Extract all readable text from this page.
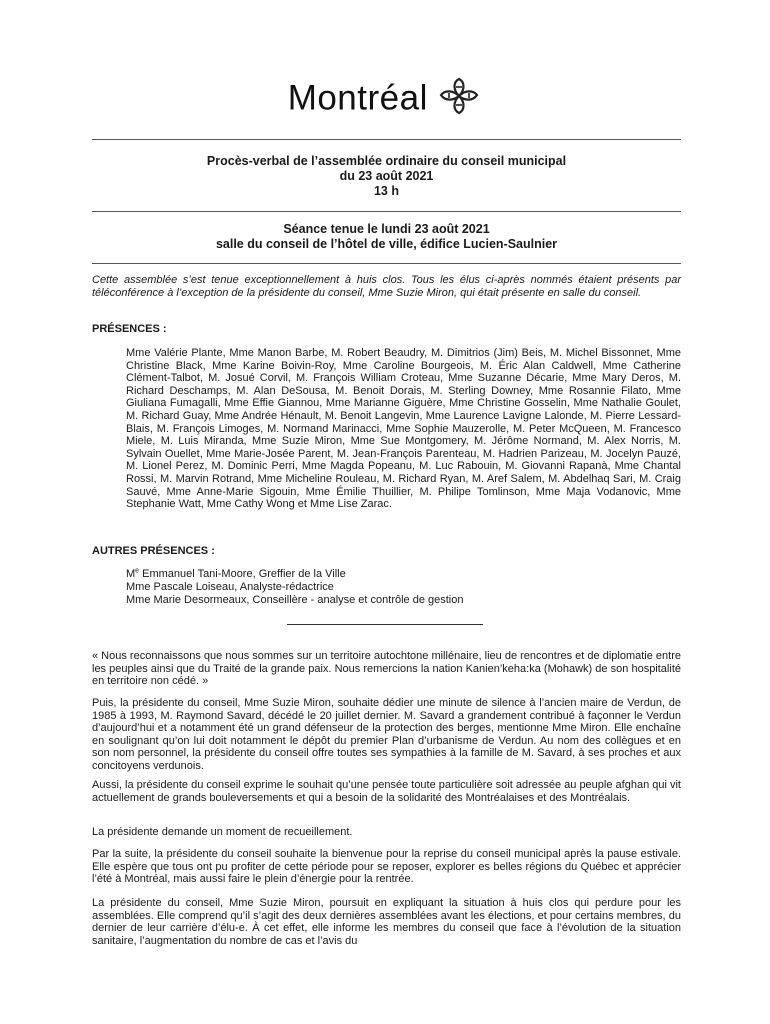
Montréal
Procès-verbal de l’assemblée ordinaire du conseil municipal
du 23 août 2021
13 h
Séance tenue le lundi 23 août 2021
salle du conseil de l’hôtel de ville, édifice Lucien-Saulnier

Cette assemblée s’est tenue exceptionnellement à huis clos. Tous les élus ci-après nommés étaient présents par téléconférence à l’exception de la présidente du conseil, Mme Suzie Miron, qui était présente en salle du conseil.

PRÉSENCES :
Mme Valérie Plante, Mme Manon Barbe, M. Robert Beaudry, M. Dimitrios (Jim) Beis, M. Michel Bissonnet, Mme Christine Black, Mme Karine Boivin-Roy, Mme Caroline Bourgeois, M. Éric Alan Caldwell, Mme Catherine Clément-Talbot, M. Josué Corvil, M. François William Croteau, Mme Suzanne Décarie, Mme Mary Deros, M. Richard Deschamps, M. Alan DeSousa, M. Benoit Dorais, M. Sterling Downey, Mme Rosannie Filato, Mme Giuliana Fumagalli, Mme Effie Giannou, Mme Marianne Giguère, Mme Christine Gosselin, Mme Nathalie Goulet, M. Richard Guay, Mme Andrée Hénault, M. Benoit Langevin, Mme Laurence Lavigne Lalonde, M. Pierre Lessard-Blais, M. François Limoges, M. Normand Marinacci, Mme Sophie Mauzerolle, M. Peter McQueen, M. Francesco Miele, M. Luis Miranda, Mme Suzie Miron, Mme Sue Montgomery, M. Jérôme Normand, M. Alex Norris, M. Sylvain Ouellet, Mme Marie-Josée Parent, M. Jean-François Parenteau, M. Hadrien Parizeau, M. Jocelyn Pauzé, M. Lionel Perez, M. Dominic Perri, Mme Magda Popeanu, M. Luc Rabouin, M. Giovanni Rapanà, Mme Chantal Rossi, M. Marvin Rotrand, Mme Micheline Rouleau, M. Richard Ryan, M. Aref Salem, M. Abdelhaq Sari, M. Craig Sauvé, Mme Anne-Marie Sigouin, Mme Émilie Thuillier, M. Philipe Tomlinson, Mme Maja Vodanovic, Mme Stephanie Watt, Mme Cathy Wong et Mme Lise Zarac.
AUTRES PRÉSENCES :
Me Emmanuel Tani-Moore, Greffier de la Ville
Mme Pascale Loiseau, Analyste-rédactrice
Mme Marie Desormeaux, Conseillère - analyse et contrôle de gestion

« Nous reconnaissons que nous sommes sur un territoire autochtone millénaire, lieu de rencontres et de diplomatie entre les peuples ainsi que du Traité de la grande paix. Nous remercions la nation Kanien’keha:ka (Mohawk) de son hospitalité en territoire non cédé. »

Puis, la présidente du conseil, Mme Suzie Miron, souhaite dédier une minute de silence à l’ancien maire de Verdun, de 1985 à 1993, M. Raymond Savard, décédé le 20 juillet dernier. M. Savard a grandement contribué à façonner le Verdun d’aujourd’hui et a notamment été un grand défenseur de la protection des berges, mentionne Mme Miron. Elle enchaîne en soulignant qu’on lui doit notamment le dépôt du premier Plan d’urbanisme de Verdun. Au nom des collègues et en son nom personnel, la présidente du conseil offre toutes ses sympathies à la famille de M. Savard, à ses proches et aux concitoyens verdunois.

Aussi, la présidente du conseil exprime le souhait qu’une pensée toute particulière soit adressée au peuple afghan qui vit actuellement de grands bouleversements et qui a besoin de la solidarité des Montréalaises et des Montréalais.

La présidente demande un moment de recueillement.

Par la suite, la présidente du conseil souhaite la bienvenue pour la reprise du conseil municipal après la pause estivale. Elle espère que tous ont pu profiter de cette période pour se reposer, explorer es belles régions du Québec et apprécier l’été à Montréal, mais aussi faire le plein d’énergie pour la rentrée.

La présidente du conseil, Mme Suzie Miron, poursuit en expliquant la situation à huis clos qui perdure pour les assemblées. Elle comprend qu’il s’agit des deux dernières assemblées avant les élections, et pour certains membres, du dernier de leur carrière d’élu-e. À cet effet, elle informe les membres du conseil que face à l’évolution de la situation sanitaire, l’augmentation du nombre de cas et l’avis du
